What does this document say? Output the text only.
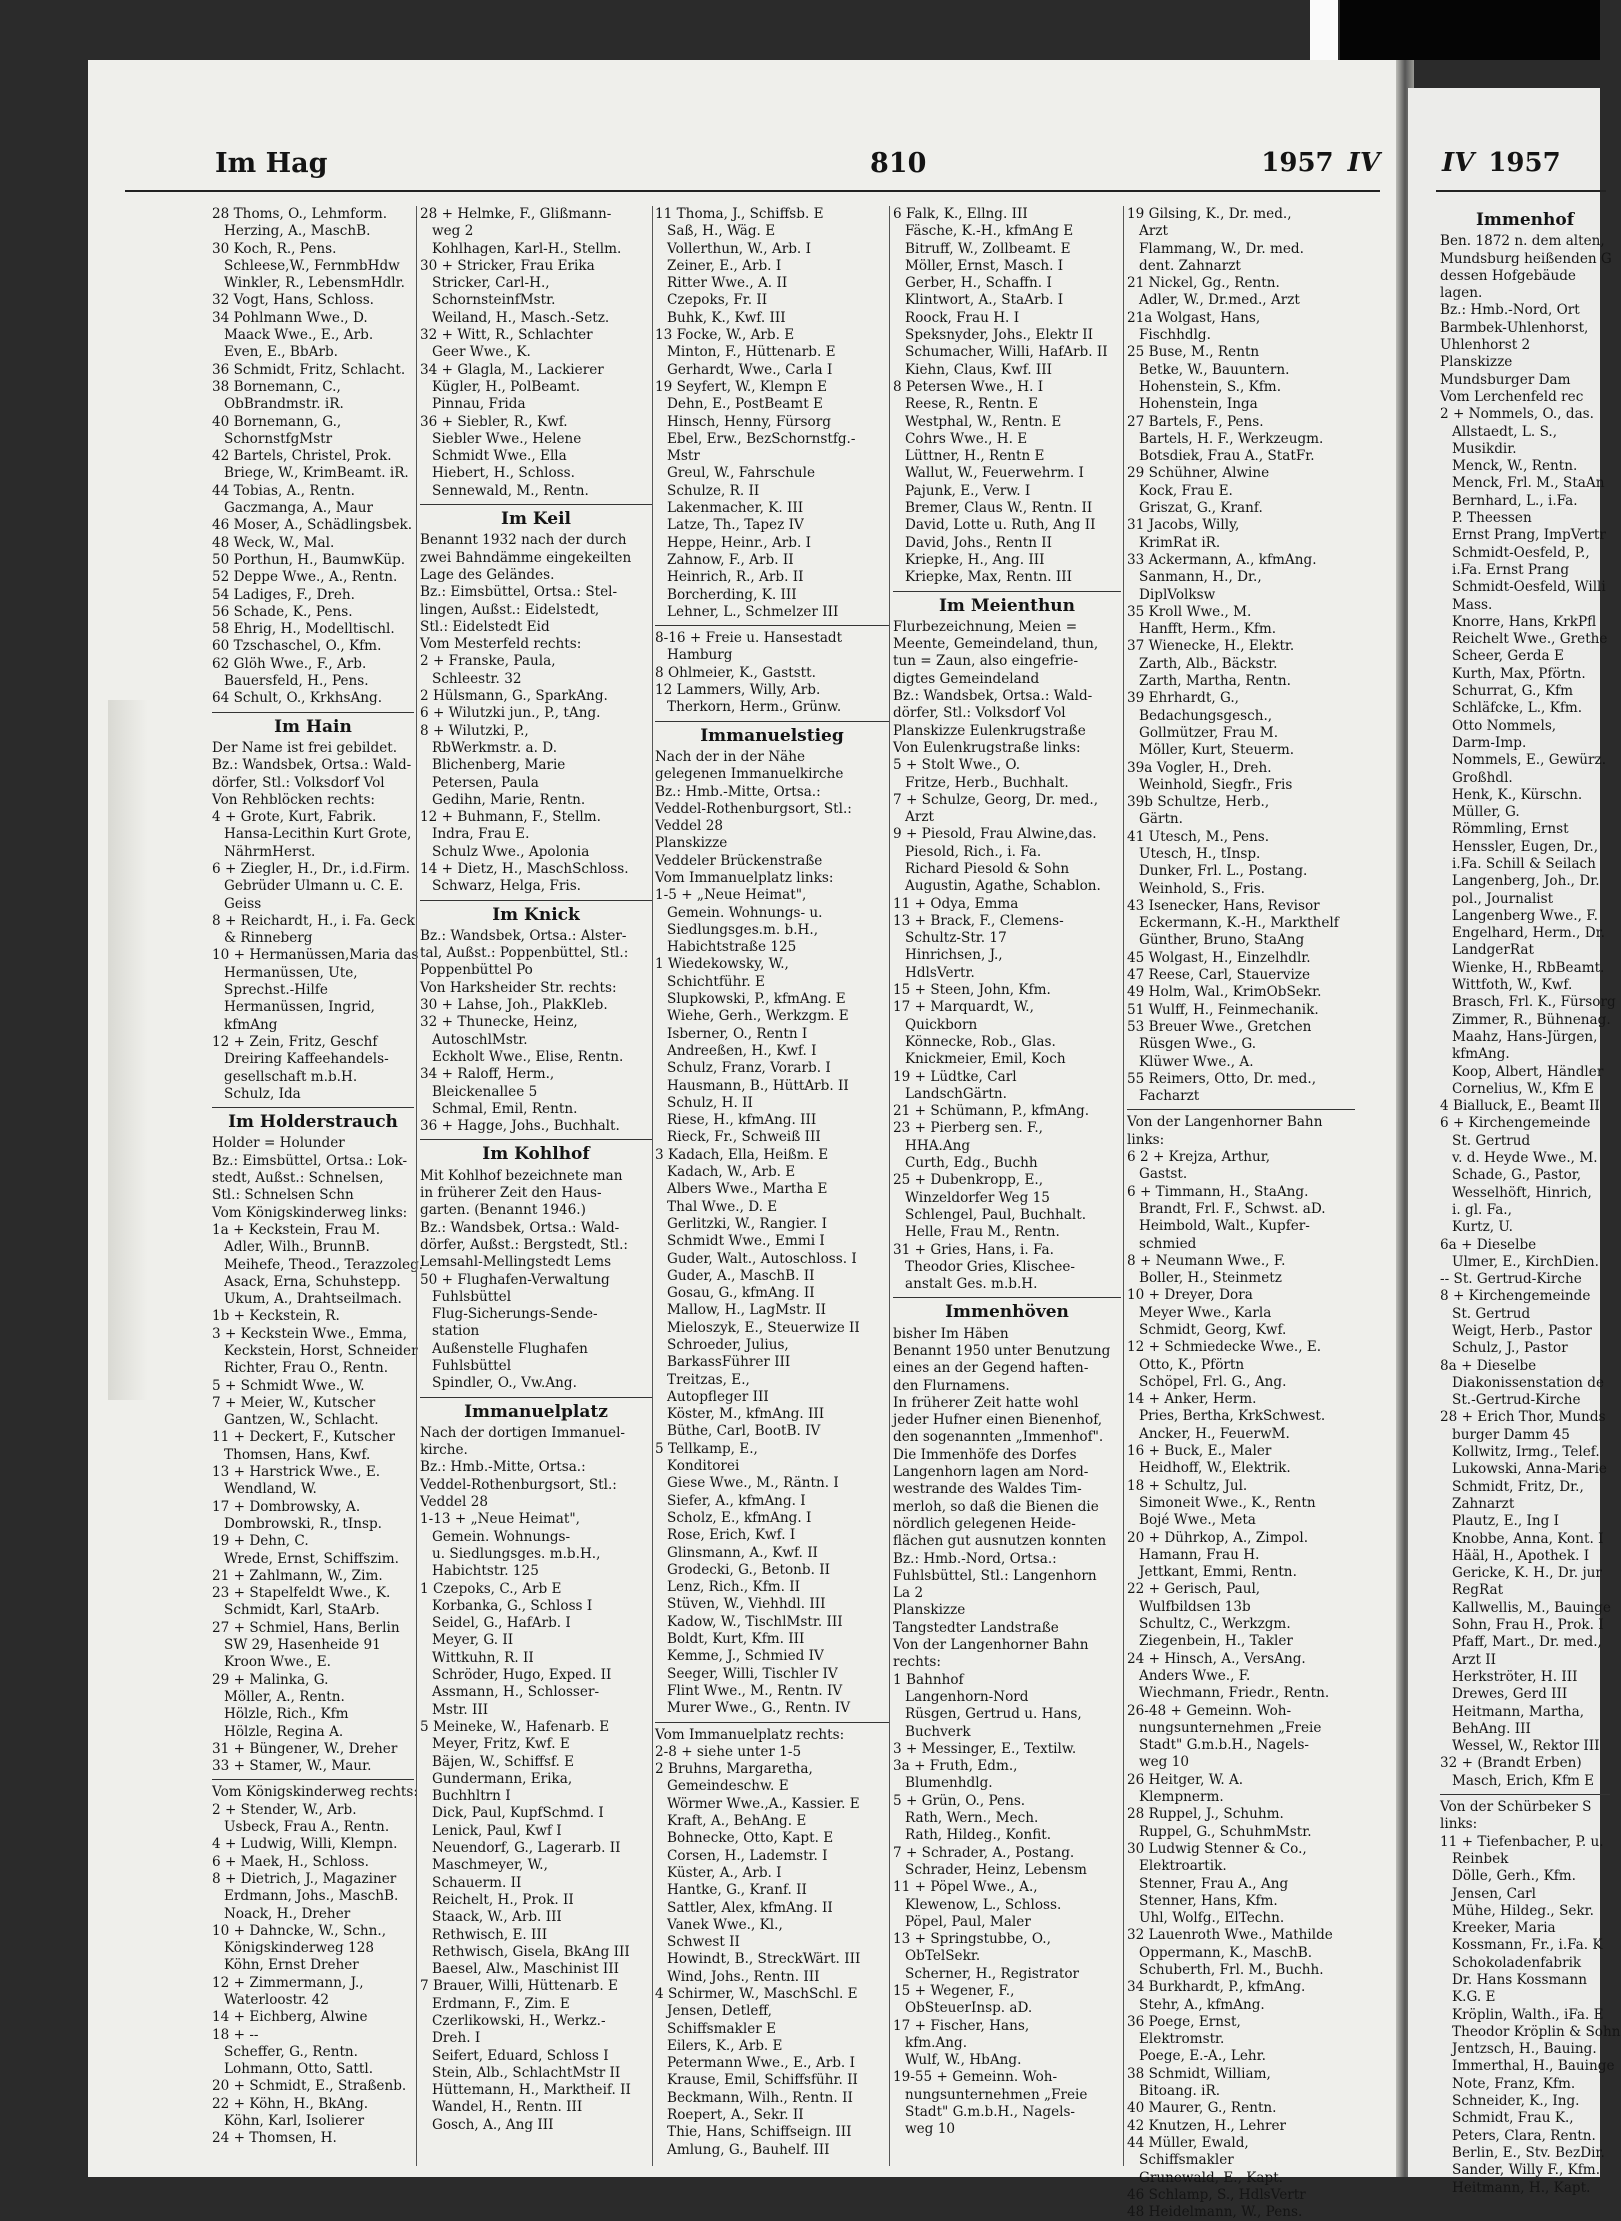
IV 1957
Im Hag	810	1957 IV
28 Thoms, O., Lehmform.
Herzing, A., MaschB.
30 Koch, R., Pens.
Schleese,W., FernmbHdw
Winkler, R., LebensmHdlr.
32 Vogt, Hans, Schloss.
34 Pohlmann Wwe., D.
Maack Wwe., E., Arb.
Even, E., BbArb.
36 Schmidt, Fritz, Schlacht.
38 Bornemann, C.,
ObBrandmstr. iR.
40 Bornemann, G.,
SchornstfgMstr
42 Bartels, Christel, Prok.
Briege, W., KrimBeamt. iR.
44 Tobias, A., Rentn.
Gaczmanga, A., Maur
46 Moser, A., Schädlingsbek.
48 Weck, W., Mal.
50 Porthun, H., BaumwKüp.
52 Deppe Wwe., A., Rentn.
54 Ladiges, F., Dreh.
56 Schade, K., Pens.
58 Ehrig, H., Modelltischl.
60 Tzschaschel, O., Kfm.
62 Glöh Wwe., F., Arb.
Bauersfeld, H., Pens.
64 Schult, O., KrkhsAng.
Im Hain
Der Name ist frei gebildet.
Bz.: Wandsbek, Ortsa.: Wald-
dörfer, Stl.: Volksdorf Vol
Von Rehblöcken rechts:
4 + Grote, Kurt, Fabrik.
Hansa-Lecithin Kurt Grote,
NährmHerst.
6 + Ziegler, H., Dr., i.d.Firm.
Gebrüder Ulmann u. C. E.
Geiss
8 + Reichardt, H., i. Fa. Geck
& Rinneberg
10 + Hermanüssen,Maria das
Hermanüssen, Ute,
Sprechst.-Hilfe
Hermanüssen, Ingrid,
kfmAng
12 + Zein, Fritz, Geschf
Dreiring Kaffeehandels-
gesellschaft m.b.H.
Schulz, Ida
Im Holderstrauch
Holder = Holunder
Bz.: Eimsbüttel, Ortsa.: Lok-
stedt, Außst.: Schnelsen,
Stl.: Schnelsen Schn
Vom Königskinderweg links:
1a + Keckstein, Frau M.
Adler, Wilh., BrunnB.
Meihefe, Theod., Terazzoleg.
Asack, Erna, Schuhstepp.
Ukum, A., Drahtseilmach.
1b + Keckstein, R.
3 + Keckstein Wwe., Emma,
Keckstein, Horst, Schneider
Richter, Frau O., Rentn.
5 + Schmidt Wwe., W.
7 + Meier, W., Kutscher
Gantzen, W., Schlacht.
11 + Deckert, F., Kutscher
Thomsen, Hans, Kwf.
13 + Harstrick Wwe., E.
Wendland, W.
17 + Dombrowsky, A.
Dombrowski, R., tInsp.
19 + Dehn, C.
Wrede, Ernst, Schiffszim.
21 + Zahlmann, W., Zim.
23 + Stapelfeldt Wwe., K.
Schmidt, Karl, StaArb.
27 + Schmiel, Hans, Berlin
SW 29, Hasenheide 91
Kroon Wwe., E.
29 + Malinka, G.
Möller, A., Rentn.
Hölzle, Rich., Kfm
Hölzle, Regina A.
31 + Büngener, W., Dreher
33 + Stamer, W., Maur.
Vom Königskinderweg rechts:
2 + Stender, W., Arb.
Usbeck, Frau A., Rentn.
4 + Ludwig, Willi, Klempn.
6 + Maek, H., Schloss.
8 + Dietrich, J., Magaziner
Erdmann, Johs., MaschB.
Noack, H., Dreher
10 + Dahncke, W., Schn.,
Königskinderweg 128
Köhn, Ernst Dreher
12 + Zimmermann, J.,
Waterloostr. 42
14 + Eichberg, Alwine
18 + --
Scheffer, G., Rentn.
Lohmann, Otto, Sattl.
20 + Schmidt, E., Straßenb.
22 + Köhn, H., BkAng.
Köhn, Karl, Isolierer
24 + Thomsen, H.
28 + Helmke, F., Glißmann-
weg 2
Kohlhagen, Karl-H., Stellm.
30 + Stricker, Frau Erika
Stricker, Carl-H.,
SchornsteinfMstr.
Weiland, H., Masch.-Setz.
32 + Witt, R., Schlachter
Geer Wwe., K.
34 + Glagla, M., Lackierer
Kügler, H., PolBeamt.
Pinnau, Frida
36 + Siebler, R., Kwf.
Siebler Wwe., Helene
Schmidt Wwe., Ella
Hiebert, H., Schloss.
Sennewald, M., Rentn.
Im Keil
Benannt 1932 nach der durch
zwei Bahndämme eingekeilten
Lage des Geländes.
Bz.: Eimsbüttel, Ortsa.: Stel-
lingen, Außst.: Eidelstedt,
Stl.: Eidelstedt Eid
Vom Mesterfeld rechts:
2 + Franske, Paula,
Schleestr. 32
2 Hülsmann, G., SparkAng.
6 + Wilutzki jun., P., tAng.
8 + Wilutzki, P.,
RbWerkmstr. a. D.
Blichenberg, Marie
Petersen, Paula
Gedihn, Marie, Rentn.
12 + Buhmann, F., Stellm.
Indra, Frau E.
Schulz Wwe., Apolonia
14 + Dietz, H., MaschSchloss.
Schwarz, Helga, Fris.
Im Knick
Bz.: Wandsbek, Ortsa.: Alster-
tal, Außst.: Poppenbüttel, Stl.:
Poppenbüttel Po
Von Harksheider Str. rechts:
30 + Lahse, Joh., PlakKleb.
32 + Thunecke, Heinz,
AutoschlMstr.
Eckholt Wwe., Elise, Rentn.
34 + Raloff, Herm.,
Bleickenallee 5
Schmal, Emil, Rentn.
36 + Hagge, Johs., Buchhalt.
Im Kohlhof
Mit Kohlhof bezeichnete man
in früherer Zeit den Haus-
garten. (Benannt 1946.)
Bz.: Wandsbek, Ortsa.: Wald-
dörfer, Außst.: Bergstedt, Stl.:
Lemsahl-Mellingstedt Lems
50 + Flughafen-Verwaltung
Fuhlsbüttel
Flug-Sicherungs-Sende-
station
Außenstelle Flughafen
Fuhlsbüttel
Spindler, O., Vw.Ang.
Immanuelplatz
Nach der dortigen Immanuel-
kirche.
Bz.: Hmb.-Mitte, Ortsa.:
Veddel-Rothenburgsort, Stl.:
Veddel 28
1-13 + „Neue Heimat",
Gemein. Wohnungs-
u. Siedlungsges. m.b.H.,
Habichtstr. 125
1 Czepoks, C., Arb E
Korbanka, G., Schloss I
Seidel, G., HafArb. I
Meyer, G. II
Wittkuhn, R. II
Schröder, Hugo, Exped. II
Assmann, H., Schlosser-
Mstr. III
5 Meineke, W., Hafenarb. E
Meyer, Fritz, Kwf. E
Bäjen, W., Schiffsf. E
Gundermann, Erika,
Buchhltrn I
Dick, Paul, KupfSchmd. I
Lenick, Paul, Kwf I
Neuendorf, G., Lagerarb. II
Maschmeyer, W.,
Schauerm. II
Reichelt, H., Prok. II
Staack, W., Arb. III
Rethwisch, E. III
Rethwisch, Gisela, BkAng III
Baesel, Alw., Maschinist III
7 Brauer, Willi, Hüttenarb. E
Erdmann, F., Zim. E
Czerlikowski, H., Werkz.-
Dreh. I
Seifert, Eduard, Schloss I
Stein, Alb., SchlachtMstr II
Hüttemann, H., Marktheif. II
Wandel, H., Rentn. III
Gosch, A., Ang III
11 Thoma, J., Schiffsb. E
Saß, H., Wäg. E
Vollerthun, W., Arb. I
Zeiner, E., Arb. I
Ritter Wwe., A. II
Czepoks, Fr. II
Buhk, K., Kwf. III
13 Focke, W., Arb. E
Minton, F., Hüttenarb. E
Gerhardt, Wwe., Carla I
19 Seyfert, W., Klempn E
Dehn, E., PostBeamt E
Hinsch, Henny, Fürsorg
Ebel, Erw., BezSchornstfg.-
Mstr
Greul, W., Fahrschule
Schulze, R. II
Lakenmacher, K. III
Latze, Th., Tapez IV
Heppe, Heinr., Arb. I
Zahnow, F., Arb. II
Heinrich, R., Arb. II
Borcherding, K. III
Lehner, L., Schmelzer III
8-16 + Freie u. Hansestadt
Hamburg
8 Ohlmeier, K., Gaststt.
12 Lammers, Willy, Arb.
Therkorn, Herm., Grünw.
Immanuelstieg
Nach der in der Nähe
gelegenen Immanuelkirche
Bz.: Hmb.-Mitte, Ortsa.:
Veddel-Rothenburgsort, Stl.:
Veddel 28
Planskizze
Veddeler Brückenstraße
Vom Immanuelplatz links:
1-5 + „Neue Heimat",
Gemein. Wohnungs- u.
Siedlungsges.m. b.H.,
Habichtstraße 125
1 Wiedekowsky, W.,
Schichtführ. E
Slupkowski, P., kfmAng. E
Wiehe, Gerh., Werkzgm. E
Isberner, O., Rentn I
Andreeßen, H., Kwf. I
Schulz, Franz, Vorarb. I
Hausmann, B., HüttArb. II
Schulz, H. II
Riese, H., kfmAng. III
Rieck, Fr., Schweiß III
3 Kadach, Ella, Heißm. E
Kadach, W., Arb. E
Albers Wwe., Martha E
Thal Wwe., D. E
Gerlitzki, W., Rangier. I
Schmidt Wwe., Emmi I
Guder, Walt., Autoschloss. I
Guder, A., MaschB. II
Gosau, G., kfmAng. II
Mallow, H., LagMstr. II
Mieloszyk, E., Steuerwize II
Schroeder, Julius,
BarkassFührer III
Treitzas, E.,
Autopfleger III
Köster, M., kfmAng. III
Büthe, Carl, BootB. IV
5 Tellkamp, E.,
Konditorei
Giese Wwe., M., Räntn. I
Siefer, A., kfmAng. I
Scholz, E., kfmAng. I
Rose, Erich, Kwf. I
Glinsmann, A., Kwf. II
Grodecki, G., Betonb. II
Lenz, Rich., Kfm. II
Stüven, W., Viehhdl. III
Kadow, W., TischlMstr. III
Boldt, Kurt, Kfm. III
Kemme, J., Schmied IV
Seeger, Willi, Tischler IV
Flint Wwe., M., Rentn. IV
Murer Wwe., G., Rentn. IV
Vom Immanuelplatz rechts:
2-8 + siehe unter 1-5
2 Bruhns, Margaretha,
Gemeindeschw. E
Wörmer Wwe.,A., Kassier. E
Kraft, A., BehAng. E
Bohnecke, Otto, Kapt. E
Corsen, H., Lademstr. I
Küster, A., Arb. I
Hantke, G., Kranf. II
Sattler, Alex, kfmAng. II
Vanek Wwe., Kl.,
Schwest II
Howindt, B., StreckWärt. III
Wind, Johs., Rentn. III
4 Schirmer, W., MaschSchl. E
Jensen, Detleff,
Schiffsmakler E
Eilers, K., Arb. E
Petermann Wwe., E., Arb. I
Krause, Emil, Schiffsführ. II
Beckmann, Wilh., Rentn. II
Roepert, A., Sekr. II
Thie, Hans, Schiffseign. III
Amlung, G., Bauhelf. III
6 Falk, K., Ellng. III
Fäsche, K.-H., kfmAng E
Bitruff, W., Zollbeamt. E
Möller, Ernst, Masch. I
Gerber, H., Schaffn. I
Klintwort, A., StaArb. I
Roock, Frau H. I
Speksnyder, Johs., Elektr II
Schumacher, Willi, HafArb. II
Kiehn, Claus, Kwf. III
8 Petersen Wwe., H. I
Reese, R., Rentn. E
Westphal, W., Rentn. E
Cohrs Wwe., H. E
Lüttner, H., Rentn E
Wallut, W., Feuerwehrm. I
Pajunk, E., Verw. I
Bremer, Claus W., Rentn. II
David, Lotte u. Ruth, Ang II
David, Johs., Rentn II
Kriepke, H., Ang. III
Kriepke, Max, Rentn. III
Im Meienthun
Flurbezeichnung, Meien =
Meente, Gemeindeland, thun,
tun = Zaun, also eingefrie-
digtes Gemeindeland
Bz.: Wandsbek, Ortsa.: Wald-
dörfer, Stl.: Volksdorf Vol
Planskizze Eulenkrugstraße
Von Eulenkrugstraße links:
5 + Stolt Wwe., O.
Fritze, Herb., Buchhalt.
7 + Schulze, Georg, Dr. med.,
Arzt
9 + Piesold, Frau Alwine,das.
Piesold, Rich., i. Fa.
Richard Piesold & Sohn
Augustin, Agathe, Schablon.
11 + Odya, Emma
13 + Brack, F., Clemens-
Schultz-Str. 17
Hinrichsen, J.,
HdlsVertr.
15 + Steen, John, Kfm.
17 + Marquardt, W.,
Quickborn
Könnecke, Rob., Glas.
Knickmeier, Emil, Koch
19 + Lüdtke, Carl
LandschGärtn.
21 + Schümann, P., kfmAng.
23 + Pierberg sen. F.,
HHA.Ang
Curth, Edg., Buchh
25 + Dubenkropp, E.,
Winzeldorfer Weg 15
Schlengel, Paul, Buchhalt.
Helle, Frau M., Rentn.
31 + Gries, Hans, i. Fa.
Theodor Gries, Klischee-
anstalt Ges. m.b.H.
Immenhöven
bisher Im Häben
Benannt 1950 unter Benutzung
eines an der Gegend haften-
den Flurnamens.
In früherer Zeit hatte wohl
jeder Hufner einen Bienenhof,
den sogenannten „Immenhof".
Die Immenhöfe des Dorfes
Langenhorn lagen am Nord-
westrande des Waldes Tim-
merloh, so daß die Bienen die
nördlich gelegenen Heide-
flächen gut ausnutzen konnten
Bz.: Hmb.-Nord, Ortsa.:
Fuhlsbüttel, Stl.: Langenhorn
La 2
Planskizze
Tangstedter Landstraße
Von der Langenhorner Bahn
rechts:
1 Bahnhof
Langenhorn-Nord
Rüsgen, Gertrud u. Hans,
Buchverk
3 + Messinger, E., Textilw.
3a + Fruth, Edm.,
Blumenhdlg.
5 + Grün, O., Pens.
Rath, Wern., Mech.
Rath, Hildeg., Konfit.
7 + Schrader, A., Postang.
Schrader, Heinz, Lebensm
11 + Pöpel Wwe., A.,
Klewenow, L., Schloss.
Pöpel, Paul, Maler
13 + Springstubbe, O.,
ObTelSekr.
Scherner, H., Registrator
15 + Wegener, F.,
ObSteuerInsp. aD.
17 + Fischer, Hans,
kfm.Ang.
Wulf, W., HbAng.
19-55 + Gemeinn. Woh-
nungsunternehmen „Freie
Stadt" G.m.b.H., Nagels-
weg 10
19 Gilsing, K., Dr. med.,
Arzt
Flammang, W., Dr. med.
dent. Zahnarzt
21 Nickel, Gg., Rentn.
Adler, W., Dr.med., Arzt
21a Wolgast, Hans,
Fischhdlg.
25 Buse, M., Rentn
Betke, W., Bauuntern.
Hohenstein, S., Kfm.
Hohenstein, Inga
27 Bartels, F., Pens.
Bartels, H. F., Werkzeugm.
Botsdiek, Frau A., StatFr.
29 Schühner, Alwine
Kock, Frau E.
Griszat, G., Kranf.
31 Jacobs, Willy,
KrimRat iR.
33 Ackermann, A., kfmAng.
Sanmann, H., Dr.,
DiplVolksw
35 Kroll Wwe., M.
Hanfft, Herm., Kfm.
37 Wienecke, H., Elektr.
Zarth, Alb., Bäckstr.
Zarth, Martha, Rentn.
39 Ehrhardt, G.,
Bedachungsgesch.,
Gollmützer, Frau M.
Möller, Kurt, Steuerm.
39a Vogler, H., Dreh.
Weinhold, Siegfr., Fris
39b Schultze, Herb.,
Gärtn.
41 Utesch, M., Pens.
Utesch, H., tInsp.
Dunker, Frl. L., Postang.
Weinhold, S., Fris.
43 Isenecker, Hans, Revisor
Eckermann, K.-H., Markthelf
Günther, Bruno, StaAng
45 Wolgast, H., Einzelhdlr.
47 Reese, Carl, Stauervize
49 Holm, Wal., KrimObSekr.
51 Wulff, H., Feinmechanik.
53 Breuer Wwe., Gretchen
Rüsgen Wwe., G.
Klüwer Wwe., A.
55 Reimers, Otto, Dr. med.,
Facharzt
Von der Langenhorner Bahn
links:
6 2 + Krejza, Arthur,
Gastst.
6 + Timmann, H., StaAng.
Brandt, Frl. F., Schwst. aD.
Heimbold, Walt., Kupfer-
schmied
8 + Neumann Wwe., F.
Boller, H., Steinmetz
10 + Dreyer, Dora
Meyer Wwe., Karla
Schmidt, Georg, Kwf.
12 + Schmiedecke Wwe., E.
Otto, K., Pförtn
Schöpel, Frl. G., Ang.
14 + Anker, Herm.
Pries, Bertha, KrkSchwest.
Ancker, H., FeuerwM.
16 + Buck, E., Maler
Heidhoff, W., Elektrik.
18 + Schultz, Jul.
Simoneit Wwe., K., Rentn
Bojé Wwe., Meta
20 + Dührkop, A., Zimpol.
Hamann, Frau H.
Jettkant, Emmi, Rentn.
22 + Gerisch, Paul,
Wulfbildsen 13b
Schultz, C., Werkzgm.
Ziegenbein, H., Takler
24 + Hinsch, A., VersAng.
Anders Wwe., F.
Wiechmann, Friedr., Rentn.
26-48 + Gemeinn. Woh-
nungsunternehmen „Freie
Stadt" G.m.b.H., Nagels-
weg 10
26 Heitger, W. A.
Klempnerm.
28 Ruppel, J., Schuhm.
Ruppel, G., SchuhmMstr.
30 Ludwig Stenner & Co.,
Elektroartik.
Stenner, Frau A., Ang
Stenner, Hans, Kfm.
Uhl, Wolfg., ElTechn.
32 Lauenroth Wwe., Mathilde
Oppermann, K., MaschB.
Schuberth, Frl. M., Buchh.
34 Burkhardt, P., kfmAng.
Stehr, A., kfmAng.
36 Poege, Ernst,
Elektromstr.
Poege, E.-A., Lehr.
38 Schmidt, William,
Bitoang. iR.
40 Maurer, G., Rentn.
42 Knutzen, H., Lehrer
44 Müller, Ewald,
Schiffsmakler
Grunewald, E., Kapt.
46 Schlamp, S., HdlsVertr
48 Heidelmann, W., Pens.
Immenhof
Ben. 1872 n. dem alten,
Mundsburg heißenden G
dessen Hofgebäude
lagen.
Bz.: Hmb.-Nord, Ort
Barmbek-Uhlenhorst,
Uhlenhorst 2
Planskizze
Mundsburger Dam
Vom Lerchenfeld rec
2 + Nommels, O., das.
Allstaedt, L. S.,
Musikdir.
Menck, W., Rentn.
Menck, Frl. M., StaAn
Bernhard, L., i.Fa.
P. Theessen
Ernst Prang, ImpVertr
Schmidt-Oesfeld, P.,
i.Fa. Ernst Prang
Schmidt-Oesfeld, Willi
Mass.
Knorre, Hans, KrkPfl
Reichelt Wwe., Grethe
Scheer, Gerda E
Kurth, Max, Pförtn.
Schurrat, G., Kfm
Schläfcke, L., Kfm.
Otto Nommels,
Darm-Imp.
Nommels, E., Gewürz.
Großhdl.
Henk, K., Kürschn.
Müller, G.
Römmling, Ernst
Henssler, Eugen, Dr.,
i.Fa. Schill & Seilach
Langenberg, Joh., Dr.
pol., Journalist
Langenberg Wwe., F.
Engelhard, Herm., Dr.
LandgerRat
Wienke, H., RbBeamt.
Wittfoth, W., Kwf.
Brasch, Frl. K., Fürsorg
Zimmer, R., Bühnenag.
Maahz, Hans-Jürgen,
kfmAng.
Koop, Albert, Händler
Cornelius, W., Kfm E
4 Bialluck, E., Beamt II
6 + Kirchengemeinde
St. Gertrud
v. d. Heyde Wwe., M.
Schade, G., Pastor,
Wesselhöft, Hinrich,
i. gl. Fa.,
Kurtz, U.
6a + Dieselbe
Ulmer, E., KirchDien.
-- St. Gertrud-Kirche
8 + Kirchengemeinde
St. Gertrud
Weigt, Herb., Pastor
Schulz, J., Pastor
8a + Dieselbe
Diakonissenstation de
St.-Gertrud-Kirche
28 + Erich Thor, Munds
burger Damm 45
Kollwitz, Irmg., Telef.
Lukowski, Anna-Marie
Schmidt, Fritz, Dr.,
Zahnarzt
Plautz, E., Ing I
Knobbe, Anna, Kont. I
Hääl, H., Apothek. I
Gericke, K. H., Dr. jur
RegRat
Kallwellis, M., Bauinge
Sohn, Frau H., Prok. I
Pfaff, Mart., Dr. med.,
Arzt II
Herkströter, H. III
Drewes, Gerd III
Heitmann, Martha,
BehAng. III
Wessel, W., Rektor III
32 + (Brandt Erben)
Masch, Erich, Kfm E
Von der Schürbeker S
links:
11 + Tiefenbacher, P. u.
Reinbek
Dölle, Gerh., Kfm.
Jensen, Carl
Mühe, Hildeg., Sekr.
Kreeker, Maria
Kossmann, Fr., i.Fa. K
Schokoladenfabrik
Dr. Hans Kossmann
K.G. E
Kröplin, Walth., iFa. E
Theodor Kröplin & Sohn
Jentzsch, H., Bauing.
Immerthal, H., Bauinge
Note, Franz, Kfm.
Schneider, K., Ing.
Schmidt, Frau K.,
Peters, Clara, Rentn.
Berlin, E., Stv. BezDir.
Sander, Willy F., Kfm.
Heitmann, H., Kapt.
